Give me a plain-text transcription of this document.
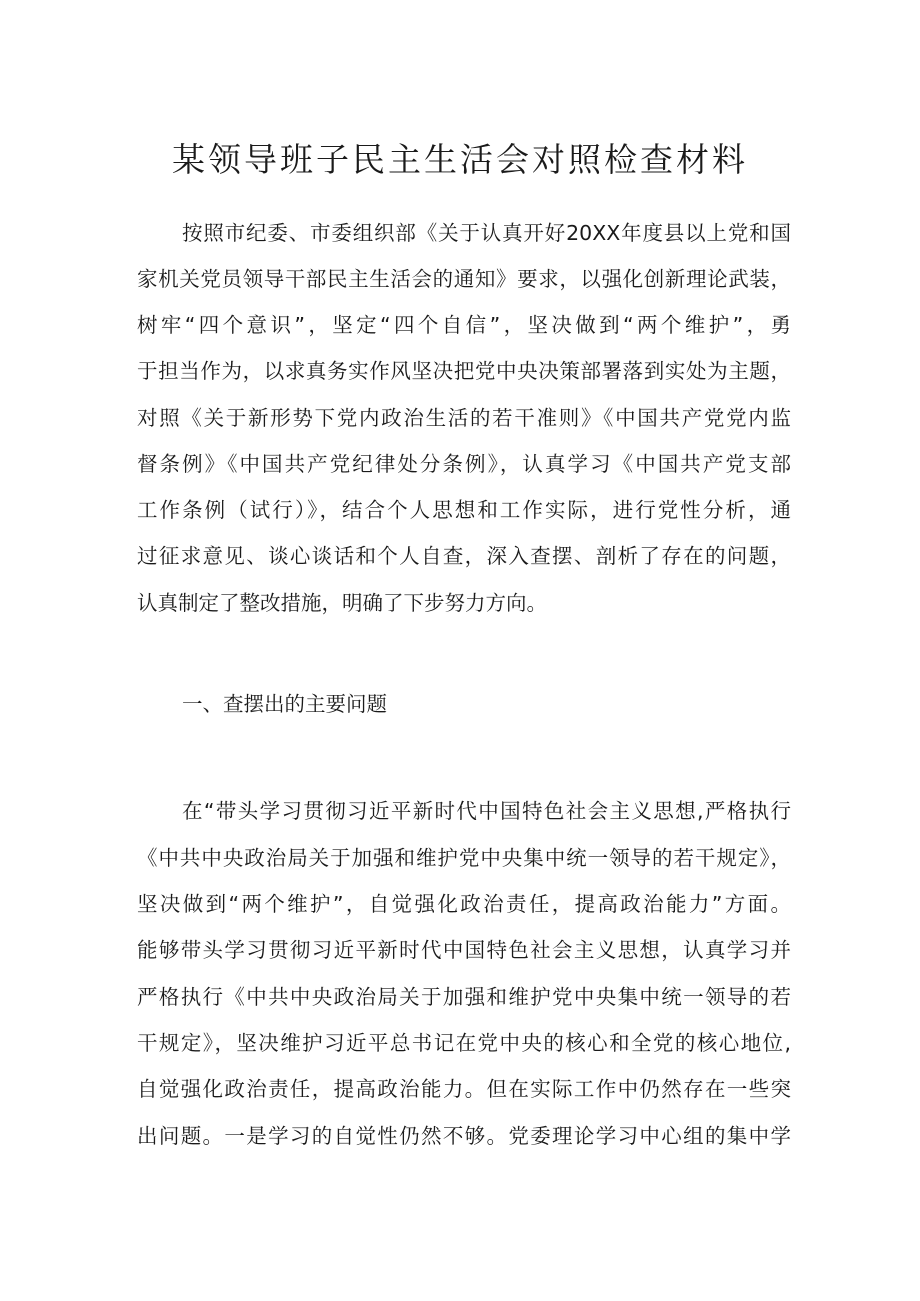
某领导班子民主生活会对照检查材料
按照市纪委、市委组织部《关于认真开好20XX年度县以上党和国
家机关党员领导干部民主生活会的通知》要求，以强化创新理论武装，
树牢“四个意识”，坚定“四个自信”，坚决做到“两个维护”，勇
于担当作为，以求真务实作风坚决把党中央决策部署落到实处为主题，
对照《关于新形势下党内政治生活的若干准则》《中国共产党党内监
督条例》《中国共产党纪律处分条例》，认真学习《中国共产党支部
工作条例（试行）》，结合个人思想和工作实际，进行党性分析，通
过征求意见、谈心谈话和个人自查，深入查摆、剖析了存在的问题，
认真制定了整改措施，明确了下步努力方向。
一、查摆出的主要问题
在“带头学习贯彻习近平新时代中国特色社会主义思想,严格执行
《中共中央政治局关于加强和维护党中央集中统一领导的若干规定》，
坚决做到“两个维护”，自觉强化政治责任，提高政治能力”方面。
能够带头学习贯彻习近平新时代中国特色社会主义思想，认真学习并
严格执行《中共中央政治局关于加强和维护党中央集中统一领导的若
干规定》，坚决维护习近平总书记在党中央的核心和全党的核心地位,
自觉强化政治责任，提高政治能力。但在实际工作中仍然存在一些突
出问题。一是学习的自觉性仍然不够。党委理论学习中心组的集中学
